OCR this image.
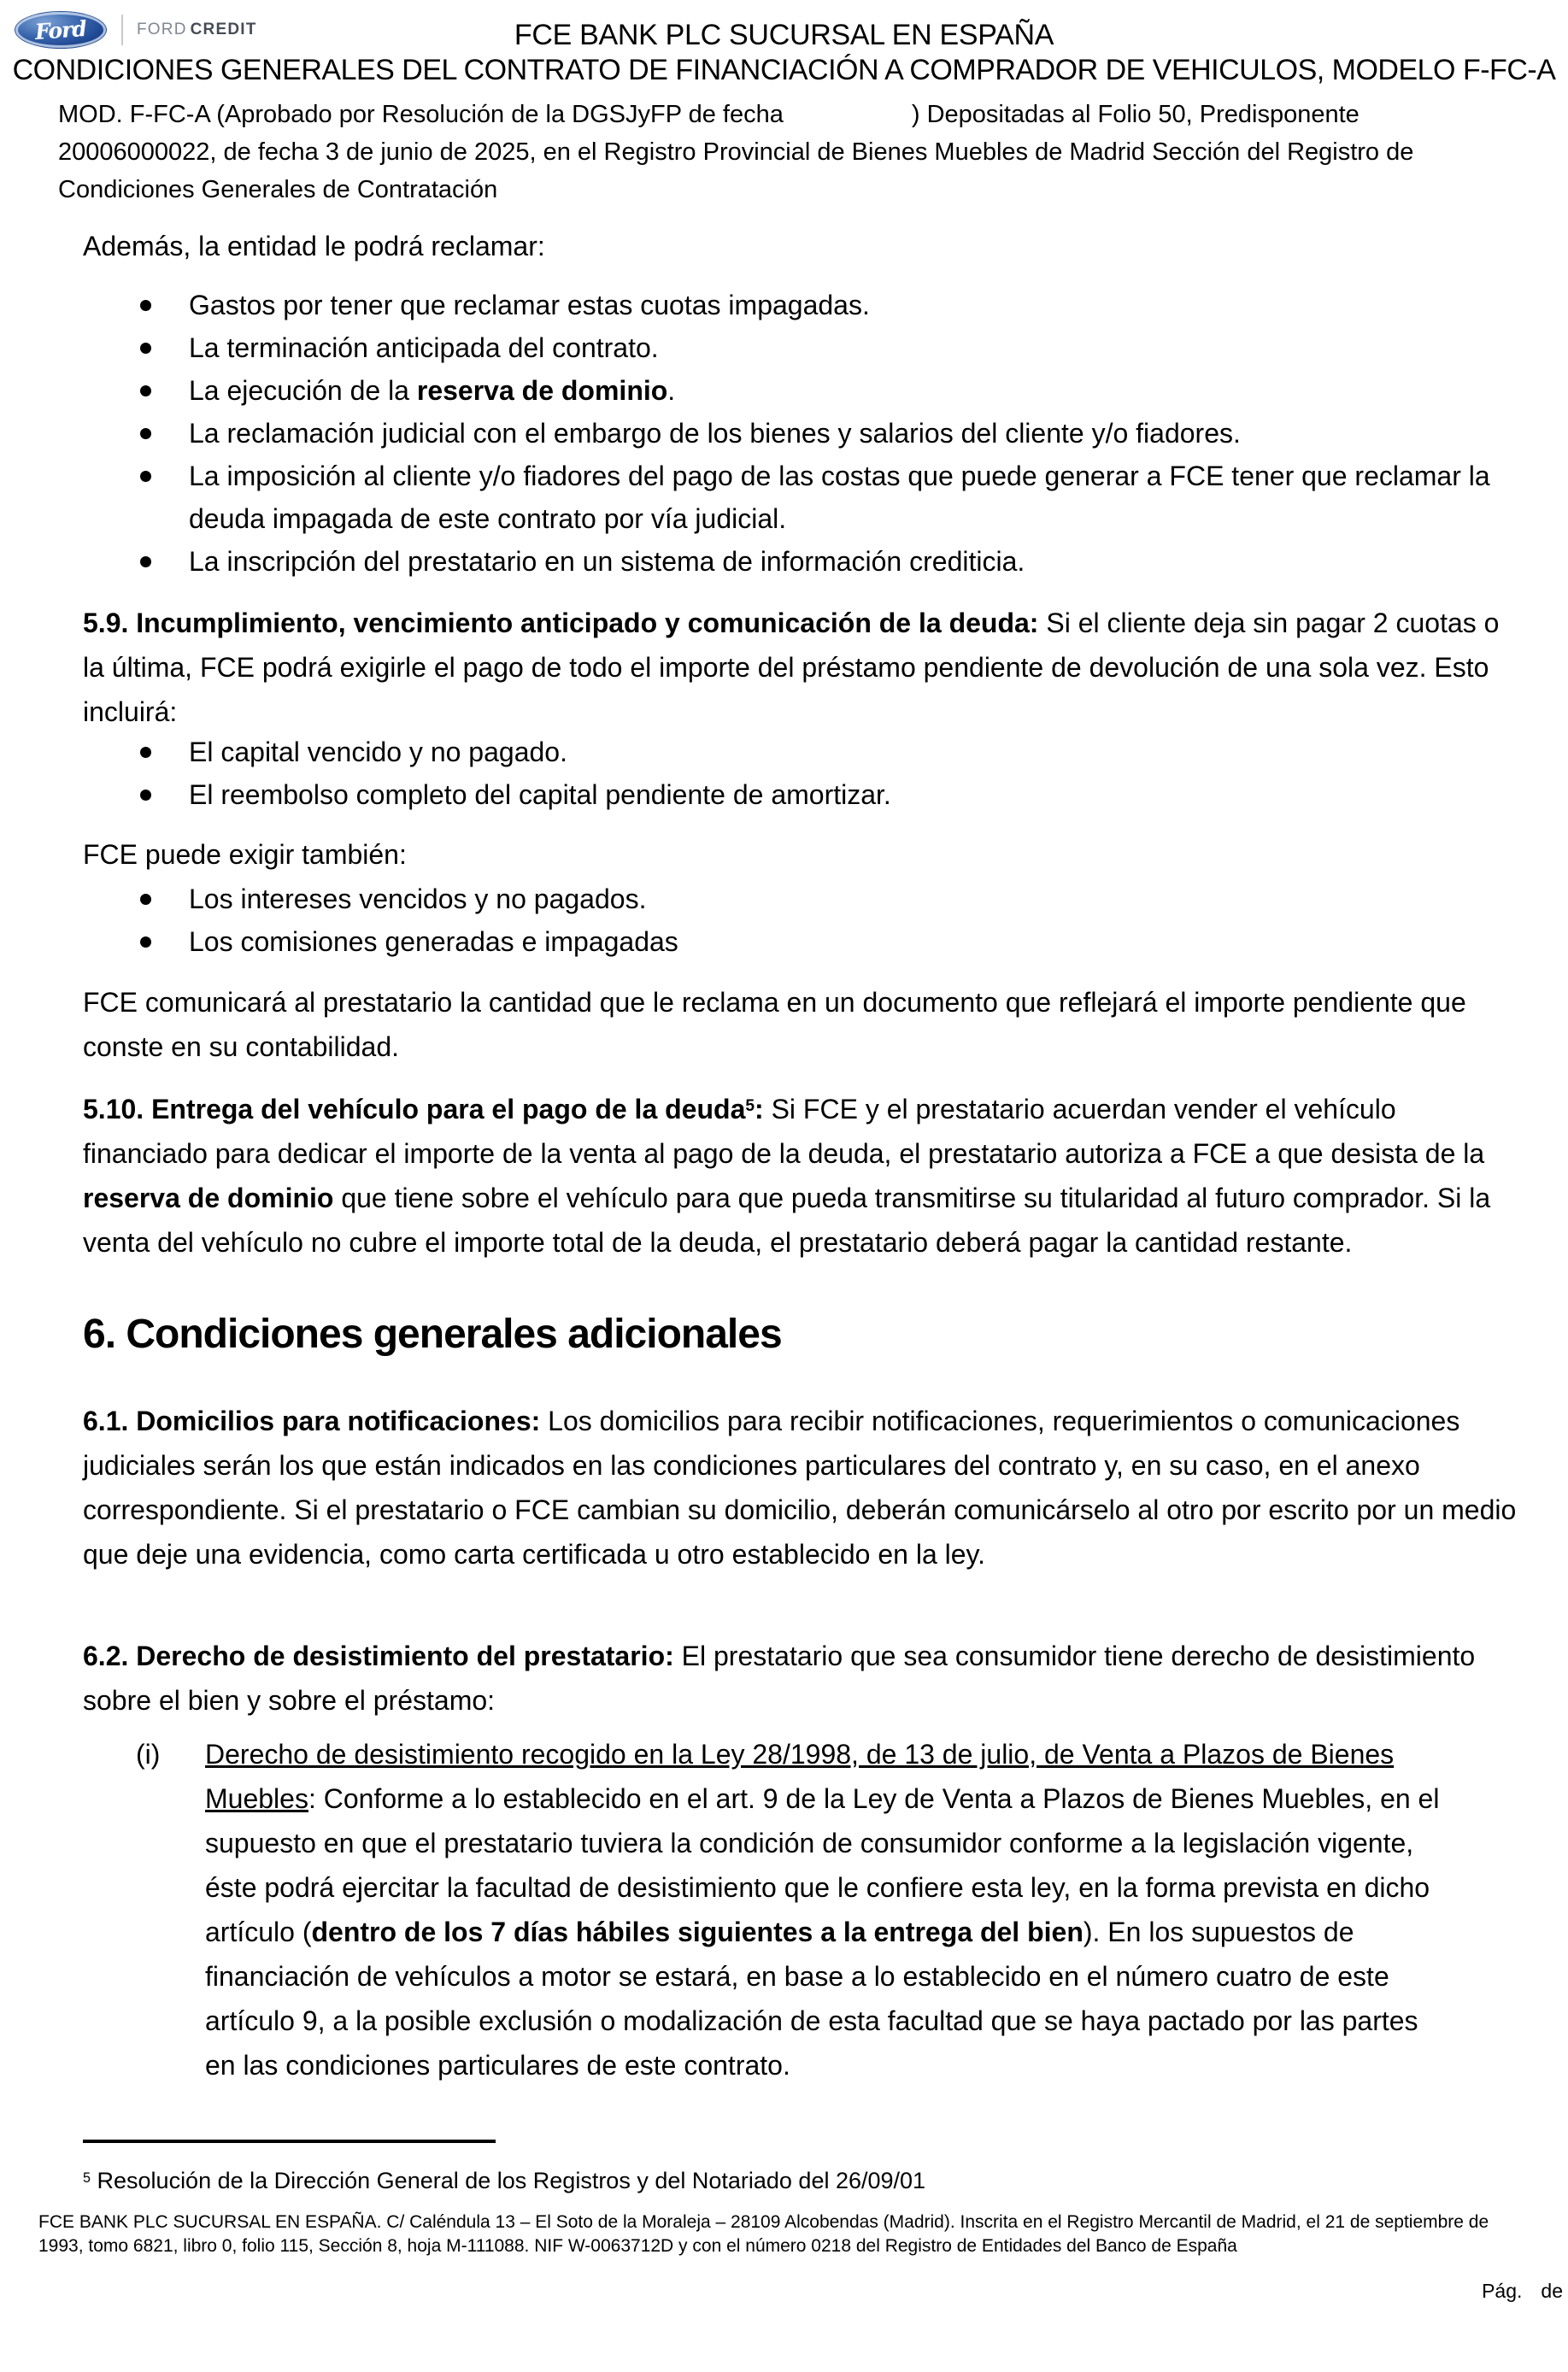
Ford	FORD CREDIT	FCE BANK PLC SUCURSAL EN ESPAÑA
CONDICIONES GENERALES DEL CONTRATO DE FINANCIACIÓN A COMPRADOR DE VEHICULOS, MODELO F-FC-A
MOD. F-FC-A (Aprobado por Resolución de la DGSJyFP de fecha	) Depositadas al Folio 50, Predisponente 20006000022, de fecha 3 de junio de 2025, en el Registro Provincial de Bienes Muebles de Madrid Sección del Registro de Condiciones Generales de Contratación

Además, la entidad le podrá reclamar:

Gastos por tener que reclamar estas cuotas impagadas.
La terminación anticipada del contrato.
La ejecución de la reserva de dominio.
La reclamación judicial con el embargo de los bienes y salarios del cliente y/o fiadores.
La imposición al cliente y/o fiadores del pago de las costas que puede generar a FCE tener que reclamar la deuda impagada de este contrato por vía judicial.
La inscripción del prestatario en un sistema de información crediticia.

5.9. Incumplimiento, vencimiento anticipado y comunicación de la deuda: Si el cliente deja sin pagar 2 cuotas o la última, FCE podrá exigirle el pago de todo el importe del préstamo pendiente de devolución de una sola vez. Esto incluirá:

El capital vencido y no pagado.
El reembolso completo del capital pendiente de amortizar.

FCE puede exigir también:

Los intereses vencidos y no pagados.
Los comisiones generadas e impagadas

FCE comunicará al prestatario la cantidad que le reclama en un documento que reflejará el importe pendiente que conste en su contabilidad.

5.10. Entrega del vehículo para el pago de la deuda$^5$: Si FCE y el prestatario acuerdan vender el vehículo financiado para dedicar el importe de la venta al pago de la deuda, el prestatario autoriza a FCE a que desista de la reserva de dominio que tiene sobre el vehículo para que pueda transmitirse su titularidad al futuro comprador. Si la venta del vehículo no cubre el importe total de la deuda, el prestatario deberá pagar la cantidad restante.

6. Condiciones generales adicionales

6.1. Domicilios para notificaciones: Los domicilios para recibir notificaciones, requerimientos o comunicaciones judiciales serán los que están indicados en las condiciones particulares del contrato y, en su caso, en el anexo correspondiente. Si el prestatario o FCE cambian su domicilio, deberán comunicárselo al otro por escrito por un medio que deje una evidencia, como carta certificada u otro establecido en la ley.

6.2. Derecho de desistimiento del prestatario: El prestatario que sea consumidor tiene derecho de desistimiento sobre el bien y sobre el préstamo:

(i)	Derecho de desistimiento recogido en la Ley 28/1998, de 13 de julio, de Venta a Plazos de Bienes Muebles: Conforme a lo establecido en el art. 9 de la Ley de Venta a Plazos de Bienes Muebles, en el supuesto en que el prestatario tuviera la condición de consumidor conforme a la legislación vigente, éste podrá ejercitar la facultad de desistimiento que le confiere esta ley, en la forma prevista en dicho artículo (dentro de los 7 días hábiles siguientes a la entrega del bien). En los supuestos de financiación de vehículos a motor se estará, en base a lo establecido en el número cuatro de este artículo 9, a la posible exclusión o modalización de esta facultad que se haya pactado por las partes en las condiciones particulares de este contrato.

$^5$ Resolución de la Dirección General de los Registros y del Notariado del 26/09/01

FCE BANK PLC SUCURSAL EN ESPAÑA. C/ Caléndula 13 – El Soto de la Moraleja – 28109 Alcobendas (Madrid). Inscrita en el Registro Mercantil de Madrid, el 21 de septiembre de 1993, tomo 6821, libro 0, folio 115, Sección 8, hoja M-111088. NIF W-0063712D y con el número 0218 del Registro de Entidades del Banco de España
Pág. de
